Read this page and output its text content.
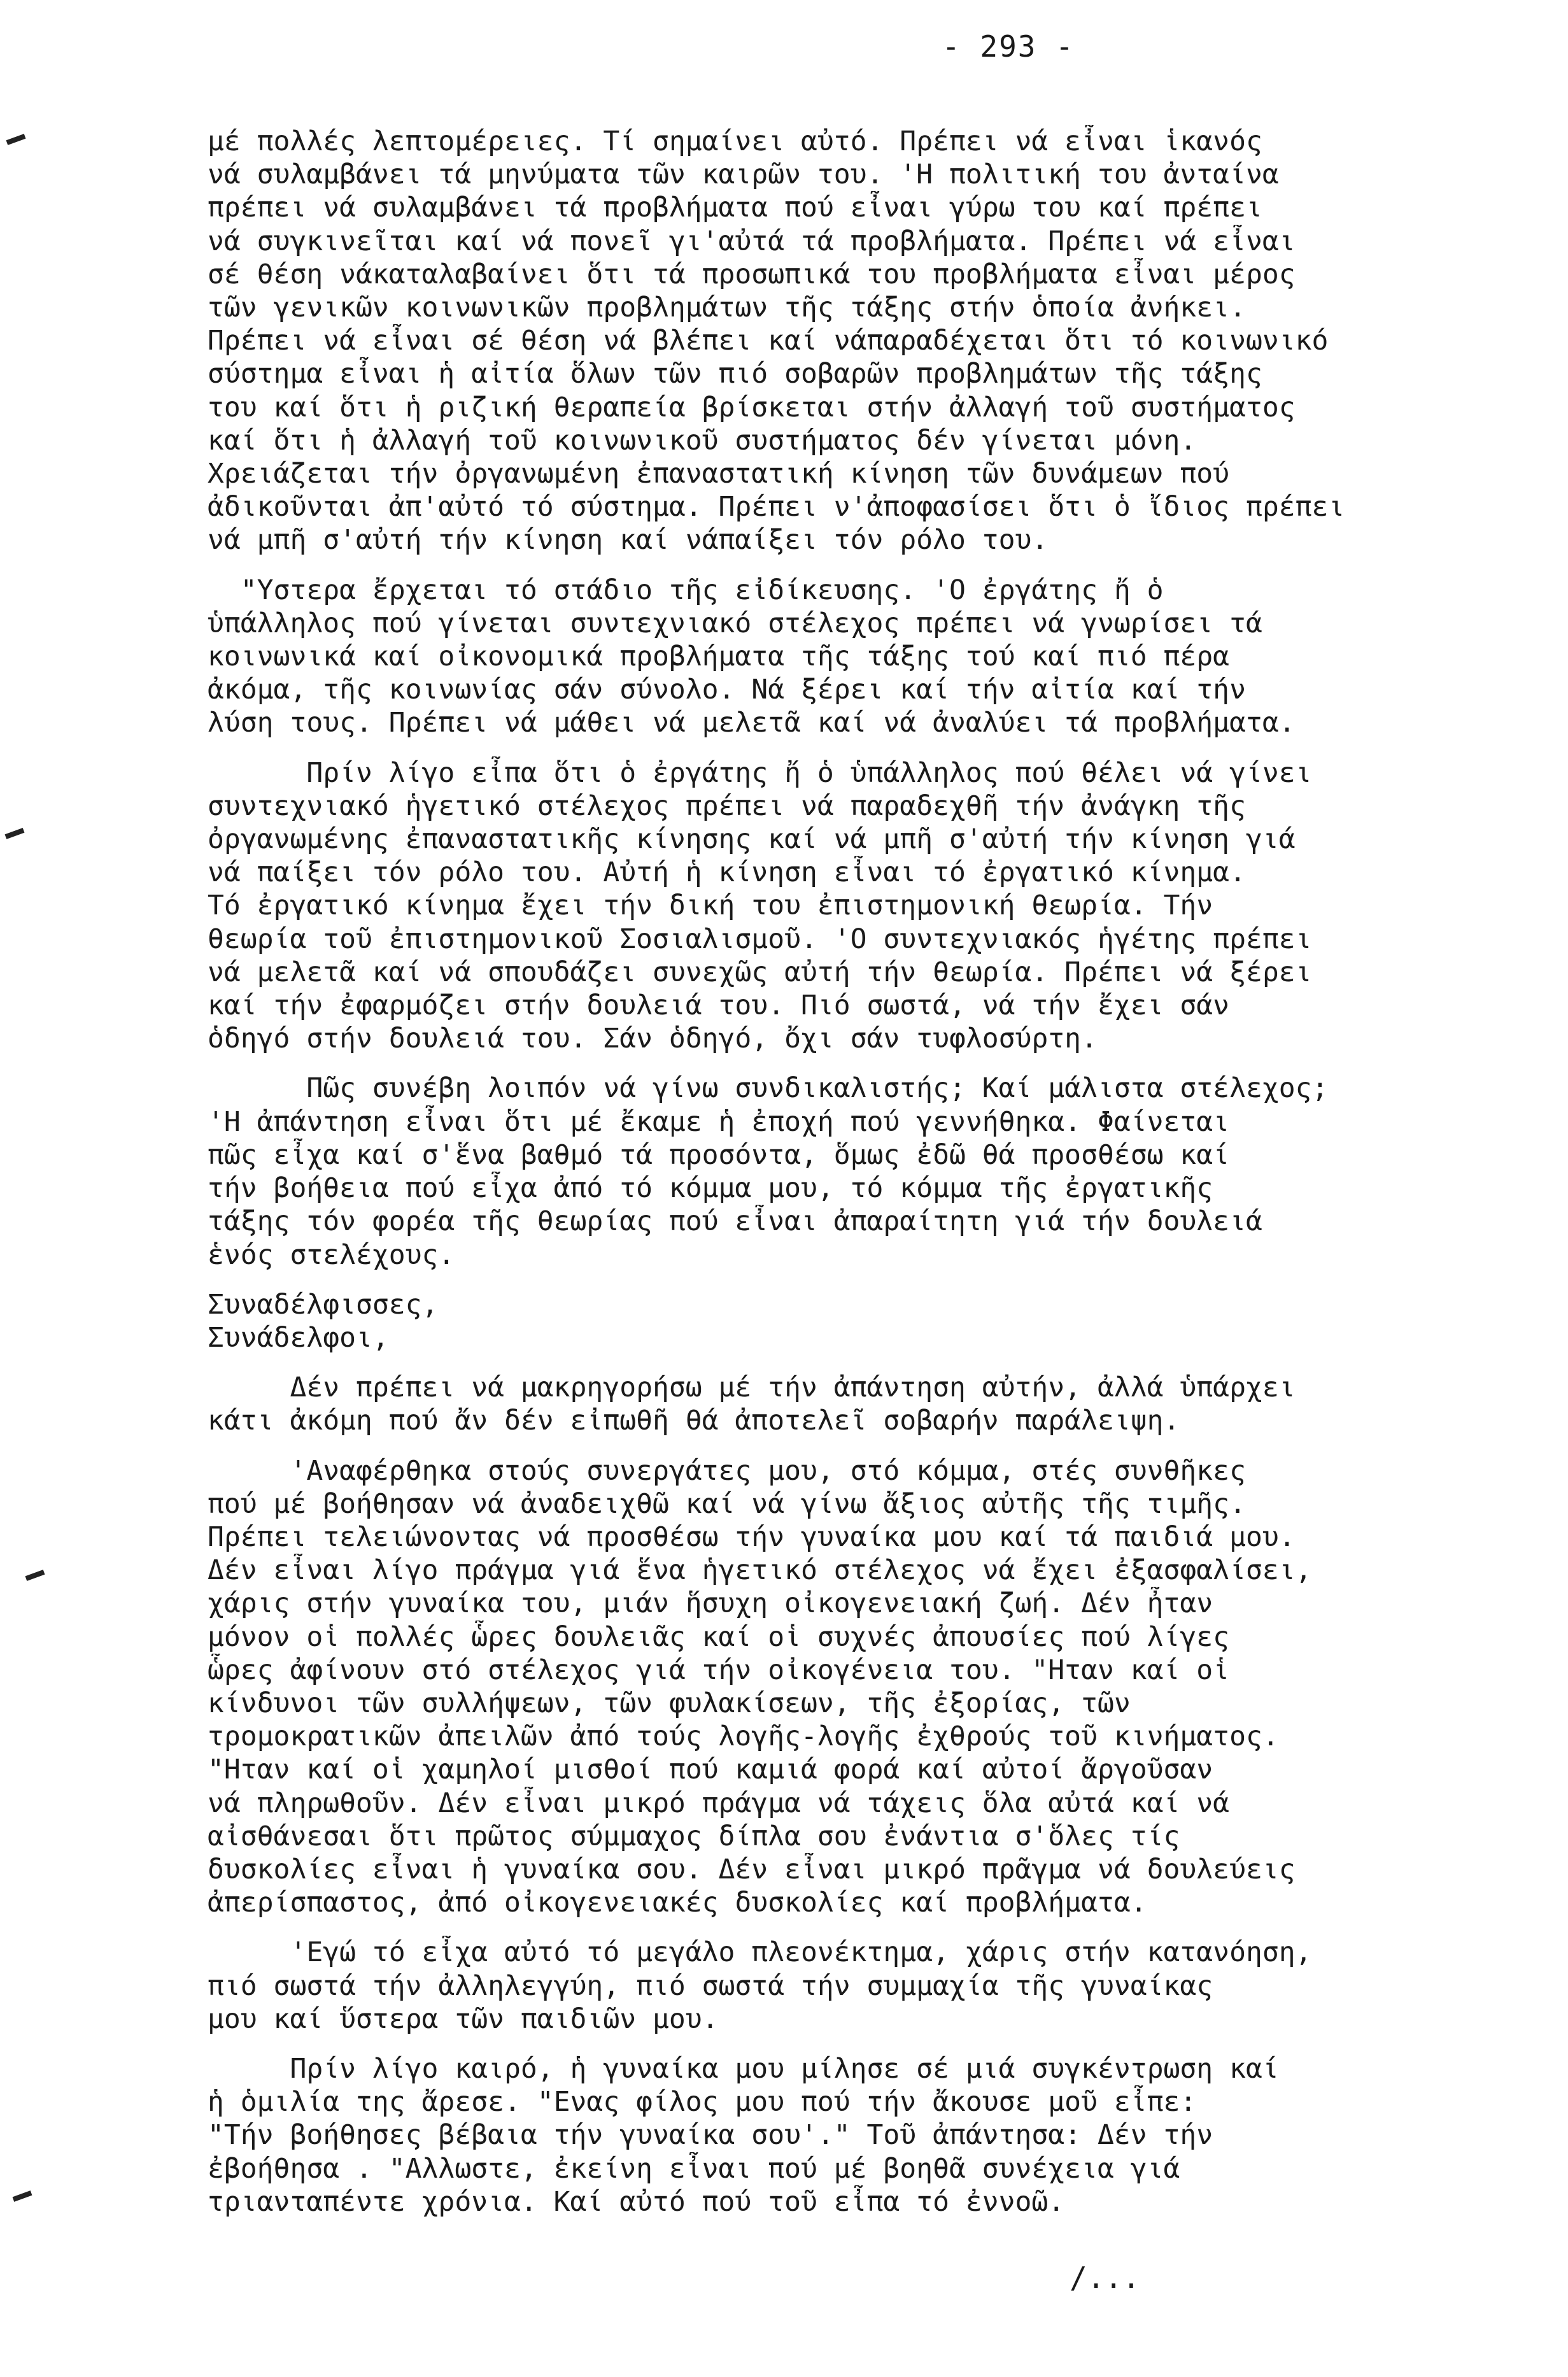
- 293 -
μέ πολλές λεπτομέρειες. Τί σημαίνει αὐτό. Πρέπει νά εἶναι ἱκανός
νά συλαμβάνει τά μηνύματα τῶν καιρῶν του. 'Η πολιτική του ἀνταίνα
πρέπει νά συλαμβάνει τά προβλήματα πού εἶναι γύρω του καί πρέπει
νά συγκινεῖται καί νά πονεῖ γι'αὐτά τά προβλήματα. Πρέπει νά εἶναι
σέ θέση νάκαταλαβαίνει ὅτι τά προσωπικά του προβλήματα εἶναι μέρος
τῶν γενικῶν κοινωνικῶν προβλημάτων τῆς τάξης στήν ὁποία ἀνήκει.
Πρέπει νά εἶναι σέ θέση νά βλέπει καί νάπαραδέχεται ὅτι τό κοινωνικό
σύστημα εἶναι ἡ αἰτία ὅλων τῶν πιό σοβαρῶν προβλημάτων τῆς τάξης
του καί ὅτι ἡ ριζική θεραπεία βρίσκεται στήν ἀλλαγή τοῦ συστήματος
καί ὅτι ἡ ἀλλαγή τοῦ κοινωνικοῦ συστήματος δέν γίνεται μόνη.
Χρειάζεται τήν ὀργανωμένη ἐπαναστατική κίνηση τῶν δυνάμεων πού
ἀδικοῦνται ἀπ'αὐτό τό σύστημα. Πρέπει ν'ἀποφασίσει ὅτι ὁ ἴδιος πρέπει
νά μπῆ σ'αὐτή τήν κίνηση καί νάπαίξει τόν ρόλο του.
"Υστερα ἔρχεται τό στάδιο τῆς εἰδίκευσης. 'Ο ἐργάτης ἤ ὁ
ὑπάλληλος πού γίνεται συντεχνιακό στέλεχος πρέπει νά γνωρίσει τά
κοινωνικά καί οἰκονομικά προβλήματα τῆς τάξης τού καί πιό πέρα
ἀκόμα, τῆς κοινωνίας σάν σύνολο. Νά ξέρει καί τήν αἰτία καί τήν
λύση τους. Πρέπει νά μάθει νά μελετᾶ καί νά ἀναλύει τά προβλήματα.
Πρίν λίγο εἶπα ὅτι ὁ ἐργάτης ἤ ὁ ὑπάλληλος πού θέλει νά γίνει
συντεχνιακό ἡγετικό στέλεχος πρέπει νά παραδεχθῆ τήν ἀνάγκη τῆς
ὀργανωμένης ἐπαναστατικῆς κίνησης καί νά μπῆ σ'αὐτή τήν κίνηση γιά
νά παίξει τόν ρόλο του. Αὐτή ἡ κίνηση εἶναι τό ἐργατικό κίνημα.
Τό ἐργατικό κίνημα ἔχει τήν δική του ἐπιστημονική θεωρία. Τήν
θεωρία τοῦ ἐπιστημονικοῦ Σοσιαλισμοῦ. 'Ο συντεχνιακός ἡγέτης πρέπει
νά μελετᾶ καί νά σπουδάζει συνεχῶς αὐτή τήν θεωρία. Πρέπει νά ξέρει
καί τήν ἐφαρμόζει στήν δουλειά του. Πιό σωστά, νά τήν ἔχει σάν
ὁδηγό στήν δουλειά του. Σάν ὁδηγό, ὄχι σάν τυφλοσύρτη.
Πῶς συνέβη λοιπόν νά γίνω συνδικαλιστής; Καί μάλιστα στέλεχος;
'Η ἀπάντηση εἶναι ὅτι μέ ἔκαμε ἡ ἐποχή πού γεννήθηκα. Φαίνεται
πῶς εἶχα καί σ'ἕνα βαθμό τά προσόντα, ὅμως ἐδῶ θά προσθέσω καί
τήν βοήθεια πού εἶχα ἀπό τό κόμμα μου, τό κόμμα τῆς ἐργατικῆς
τάξης τόν φορέα τῆς θεωρίας πού εἶναι ἀπαραίτητη γιά τήν δουλειά
ἑνός στελέχους.
Συναδέλφισσες,
Συνάδελφοι,
Δέν πρέπει νά μακρηγορήσω μέ τήν ἀπάντηση αὐτήν, ἀλλά ὑπάρχει
κάτι ἀκόμη πού ἄν δέν εἰπωθῆ θά ἀποτελεῖ σοβαρήν παράλειψη.
'Αναφέρθηκα στούς συνεργάτες μου, στό κόμμα, στές συνθῆκες
πού μέ βοήθησαν νά ἀναδειχθῶ καί νά γίνω ἄξιος αὐτῆς τῆς τιμῆς.
Πρέπει τελειώνοντας νά προσθέσω τήν γυναίκα μου καί τά παιδιά μου.
Δέν εἶναι λίγο πράγμα γιά ἕνα ἡγετικό στέλεχος νά ἔχει ἐξασφαλίσει,
χάρις στήν γυναίκα του, μιάν ἥσυχη οἰκογενειακή ζωή. Δέν ἦταν
μόνον οἱ πολλές ὧρες δουλειᾶς καί οἱ συχνές ἀπουσίες πού λίγες
ὧρες ἀφίνουν στό στέλεχος γιά τήν οἰκογένεια του. "Ηταν καί οἱ
κίνδυνοι τῶν συλλήψεων, τῶν φυλακίσεων, τῆς ἐξορίας, τῶν
τρομοκρατικῶν ἀπειλῶν ἀπό τούς λογῆς-λογῆς ἐχθρούς τοῦ κινήματος.
"Ηταν καί οἱ χαμηλοί μισθοί πού καμιά φορά καί αὐτοί ἄργοῦσαν
νά πληρωθοῦν. Δέν εἶναι μικρό πράγμα νά τάχεις ὅλα αὐτά καί νά
αἰσθάνεσαι ὅτι πρῶτος σύμμαχος δίπλα σου ἐνάντια σ'ὅλες τίς
δυσκολίες εἶναι ἡ γυναίκα σου. Δέν εἶναι μικρό πρᾶγμα νά δουλεύεις
ἀπερίσπαστος, ἀπό οἰκογενειακές δυσκολίες καί προβλήματα.
'Εγώ τό εἶχα αὐτό τό μεγάλο πλεονέκτημα, χάρις στήν κατανόηση,
πιό σωστά τήν ἀλληλεγγύη, πιό σωστά τήν συμμαχία τῆς γυναίκας
μου καί ὕστερα τῶν παιδιῶν μου.
Πρίν λίγο καιρό, ἡ γυναίκα μου μίλησε σέ μιά συγκέντρωση καί
ἡ ὁμιλία της ἄρεσε. "Ενας φίλος μου πού τήν ἄκουσε μοῦ εἶπε:
"Τήν βοήθησες βέβαια τήν γυναίκα σου'." Τοῦ ἀπάντησα: Δέν τήν
ἐβοήθησα . "Αλλωστε, ἐκείνη εἶναι πού μέ βοηθᾶ συνέχεια γιά
τριανταπέντε χρόνια. Καί αὐτό πού τοῦ εἶπα τό ἐννοῶ.
/...
